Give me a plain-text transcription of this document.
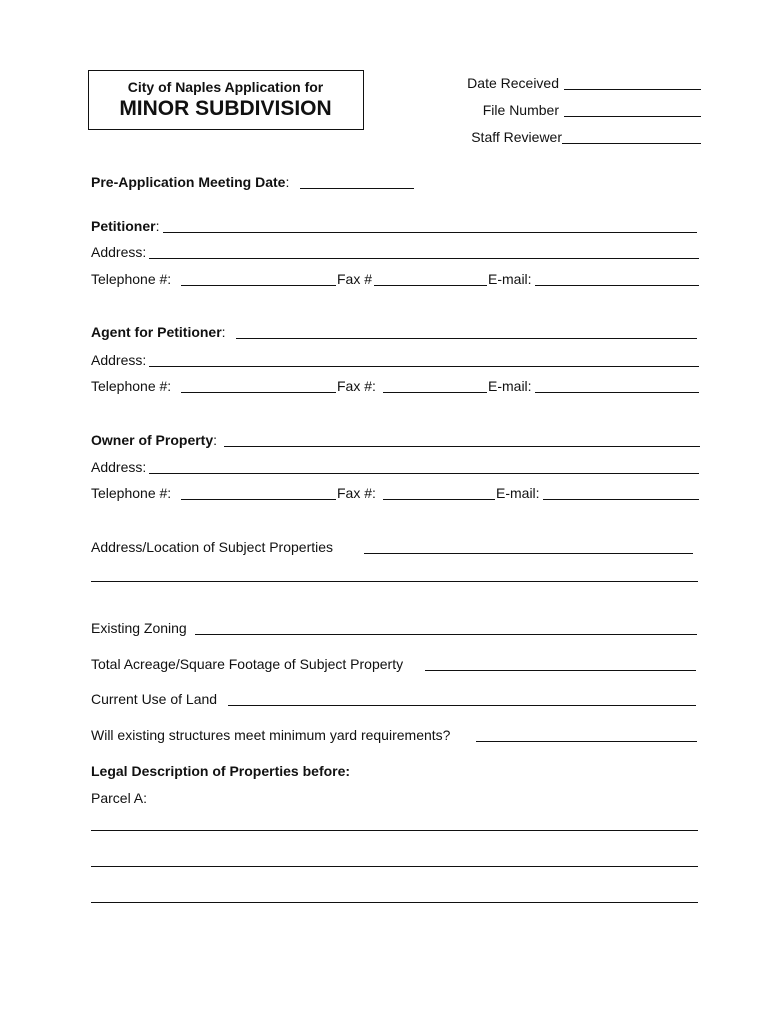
City of Naples Application for
MINOR SUBDIVISION
Date Received
File Number
Staff Reviewer
Pre-Application Meeting Date:
Petitioner:
Address:
Telephone #:	Fax #	E-mail:
Agent for Petitioner:
Address:
Telephone #:	Fax #:	E-mail:
Owner of Property:
Address:
Telephone #:	Fax #:	E-mail:
Address/Location of Subject Properties
Existing Zoning
Total Acreage/Square Footage of Subject Property
Current Use of Land
Will existing structures meet minimum yard requirements?
Legal Description of Properties before:
Parcel A:
